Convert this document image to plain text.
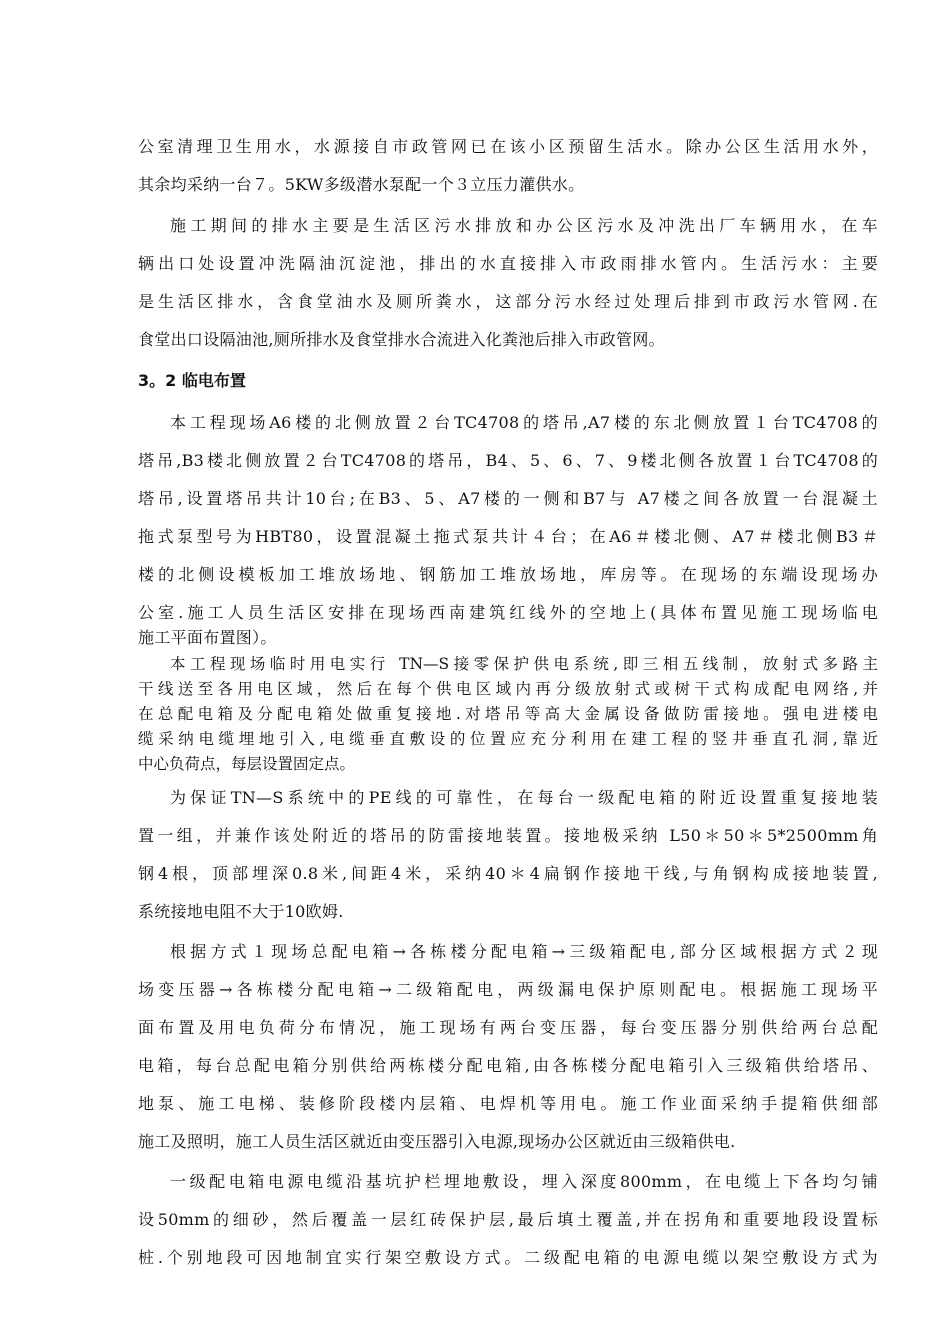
公室清理卫生用水，水源接自市政管网已在该小区预留生活水。除办公区生活用水外，
其余均采纳一台７。5KW多级潜水泵配一个３立压力灌供水。
施工期间的排水主要是生活区污水排放和办公区污水及冲洗出厂车辆用水，在车
辆出口处设置冲洗隔油沉淀池，排出的水直接排入市政雨排水管内。生活污水：主要
是生活区排水，含食堂油水及厕所粪水，这部分污水经过处理后排到市政污水管网.在
食堂出口设隔油池,厕所排水及食堂排水合流进入化粪池后排入市政管网。
3。2 临电布置
本工程现场A6楼的北侧放置２台TC4708的塔吊,A7楼的东北侧放置１台TC4708的
塔吊,B3楼北侧放置２台TC4708的塔吊，B4、5、6、7、9楼北侧各放置１台TC4708的
塔吊,设置塔吊共计10台;在B3、5、A7楼的一侧和B7与 A7楼之间各放置一台混凝土
拖式泵型号为HBT80，设置混凝土拖式泵共计４台；在A6＃楼北侧、A7＃楼北侧B3＃
楼的北侧设模板加工堆放场地、钢筋加工堆放场地，库房等。在现场的东端设现场办
公室.施工人员生活区安排在现场西南建筑红线外的空地上(具体布置见施工现场临电
施工平面布置图）。
本工程现场临时用电实行 TN—S接零保护供电系统,即三相五线制，放射式多路主
干线送至各用电区域，然后在每个供电区域内再分级放射式或树干式构成配电网络,并
在总配电箱及分配电箱处做重复接地.对塔吊等高大金属设备做防雷接地。强电进楼电
缆采纳电缆埋地引入,电缆垂直敷设的位置应充分利用在建工程的竖井垂直孔洞,靠近
中心负荷点，每层设置固定点。
为保证TN—S系统中的PE线的可靠性，在每台一级配电箱的附近设置重复接地装
置一组，并兼作该处附近的塔吊的防雷接地装置。接地极采纳 L50＊50＊5*2500mm角
钢4根，顶部埋深0.8米,间距4米，采纳40＊4扁钢作接地干线,与角钢构成接地装置,
系统接地电阻不大于10欧姆.
根据方式１现场总配电箱→各栋楼分配电箱→三级箱配电,部分区域根据方式２现
场变压器→各栋楼分配电箱→二级箱配电，两级漏电保护原则配电。根据施工现场平
面布置及用电负荷分布情况，施工现场有两台变压器，每台变压器分别供给两台总配
电箱，每台总配电箱分别供给两栋楼分配电箱,由各栋楼分配电箱引入三级箱供给塔吊、
地泵、施工电梯、装修阶段楼内层箱、电焊机等用电。施工作业面采纳手提箱供细部
施工及照明，施工人员生活区就近由变压器引入电源,现场办公区就近由三级箱供电.
一级配电箱电源电缆沿基坑护栏埋地敷设，埋入深度800mm，在电缆上下各均匀铺
设50mm的细砂，然后覆盖一层红砖保护层,最后填土覆盖,并在拐角和重要地段设置标
桩.个别地段可因地制宜实行架空敷设方式。二级配电箱的电源电缆以架空敷设方式为
